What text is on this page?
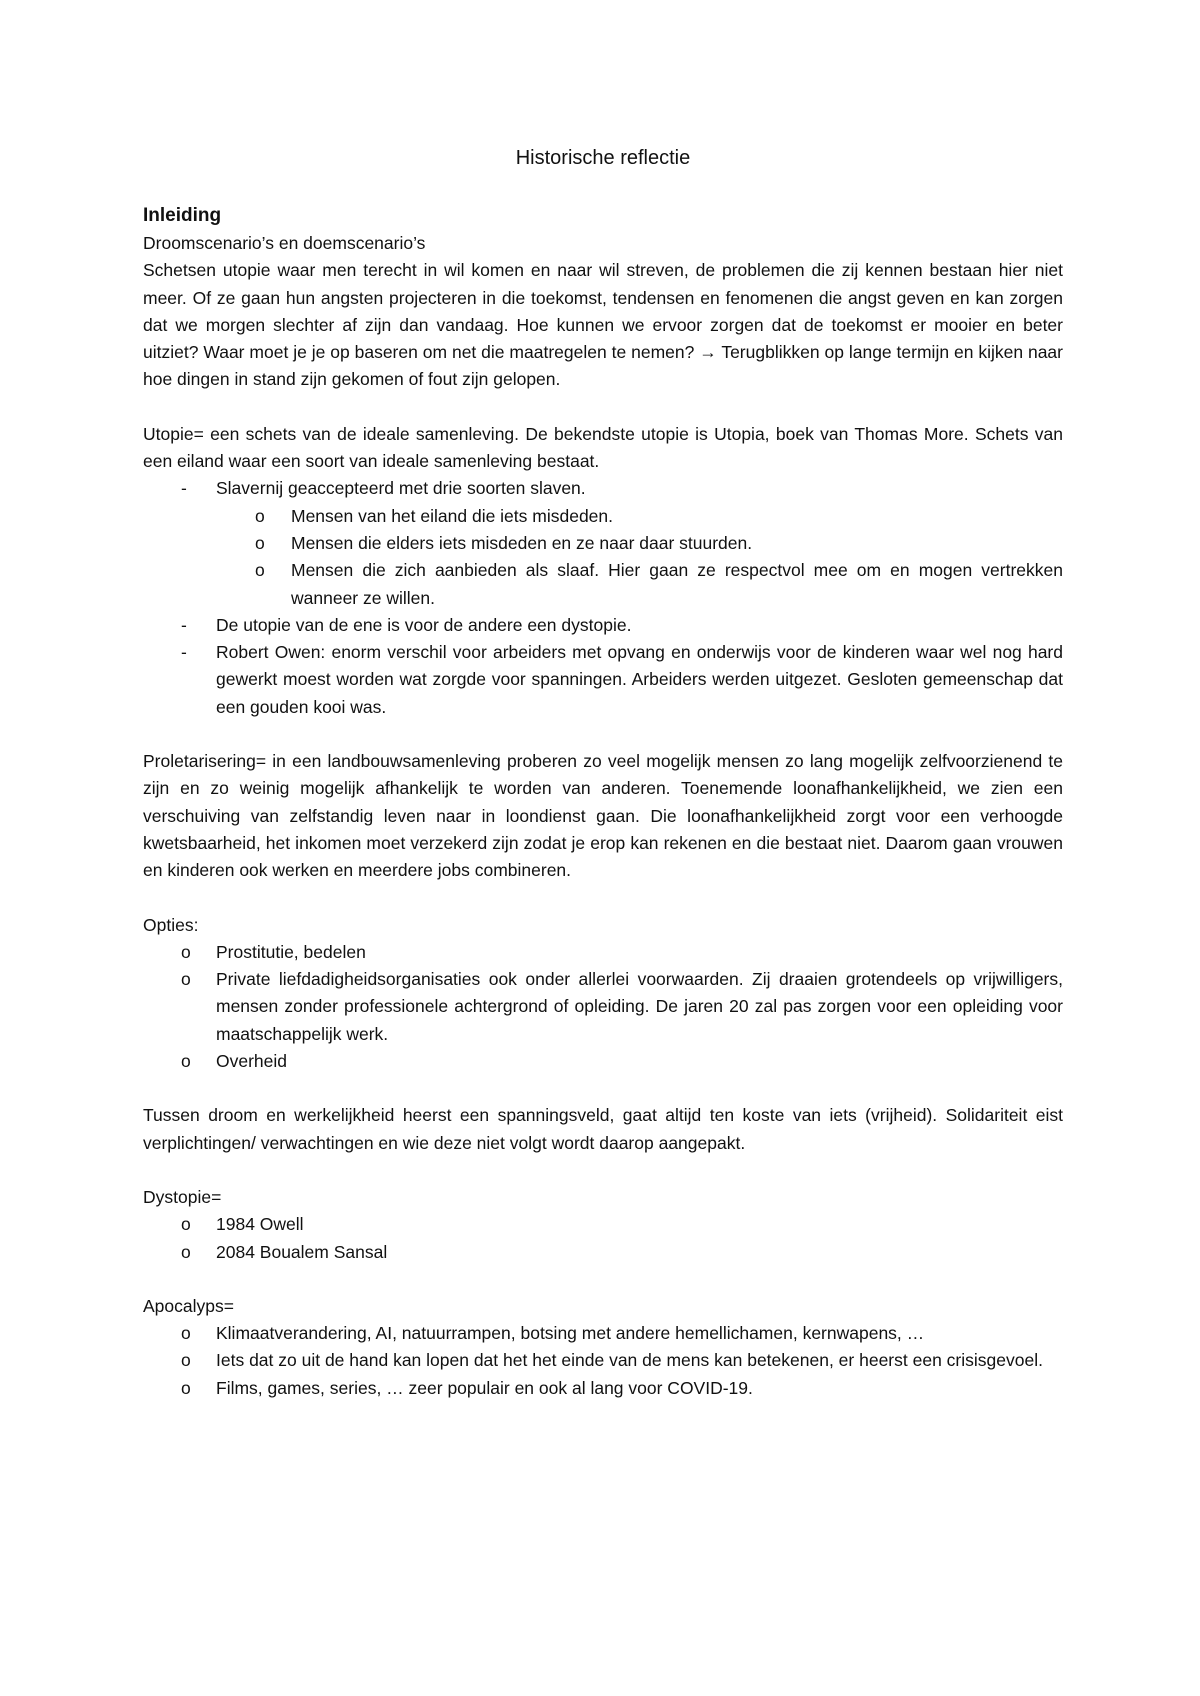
Historische reflectie

Inleiding

Droomscenario’s en doemscenario’s

Schetsen utopie waar men terecht in wil komen en naar wil streven, de problemen die zij kennen bestaan hier niet meer. Of ze gaan hun angsten projecteren in die toekomst, tendensen en fenomenen die angst geven en kan zorgen dat we morgen slechter af zijn dan vandaag. Hoe kunnen we ervoor zorgen dat de toekomst er mooier en beter uitziet? Waar moet je je op baseren om net die maatregelen te nemen? → Terugblikken op lange termijn en kijken naar hoe dingen in stand zijn gekomen of fout zijn gelopen.

Utopie= een schets van de ideale samenleving. De bekendste utopie is Utopia, boek van Thomas More. Schets van een eiland waar een soort van ideale samenleving bestaat.

- Slavernij geaccepteerd met drie soorten slaven.
o Mensen van het eiland die iets misdeden.
o Mensen die elders iets misdeden en ze naar daar stuurden.
o Mensen die zich aanbieden als slaaf. Hier gaan ze respectvol mee om en mogen vertrekken wanneer ze willen.
- De utopie van de ene is voor de andere een dystopie.
- Robert Owen: enorm verschil voor arbeiders met opvang en onderwijs voor de kinderen waar wel nog hard gewerkt moest worden wat zorgde voor spanningen. Arbeiders werden uitgezet. Gesloten gemeenschap dat een gouden kooi was.

Proletarisering= in een landbouwsamenleving proberen zo veel mogelijk mensen zo lang mogelijk zelfvoorzienend te zijn en zo weinig mogelijk afhankelijk te worden van anderen. Toenemende loonafhankelijkheid, we zien een verschuiving van zelfstandig leven naar in loondienst gaan. Die loonafhankelijkheid zorgt voor een verhoogde kwetsbaarheid, het inkomen moet verzekerd zijn zodat je erop kan rekenen en die bestaat niet. Daarom gaan vrouwen en kinderen ook werken en meerdere jobs combineren.

Opties:

o Prostitutie, bedelen
o Private liefdadigheidsorganisaties ook onder allerlei voorwaarden. Zij draaien grotendeels op vrijwilligers, mensen zonder professionele achtergrond of opleiding. De jaren 20 zal pas zorgen voor een opleiding voor maatschappelijk werk.
o Overheid

Tussen droom en werkelijkheid heerst een spanningsveld, gaat altijd ten koste van iets (vrijheid). Solidariteit eist verplichtingen/ verwachtingen en wie deze niet volgt wordt daarop aangepakt.

Dystopie=

o 1984 Owell
o 2084 Boualem Sansal

Apocalyps=

o Klimaatverandering, AI, natuurrampen, botsing met andere hemellichamen, kernwapens, …
o Iets dat zo uit de hand kan lopen dat het het einde van de mens kan betekenen, er heerst een crisisgevoel.
o Films, games, series, … zeer populair en ook al lang voor COVID-19.
